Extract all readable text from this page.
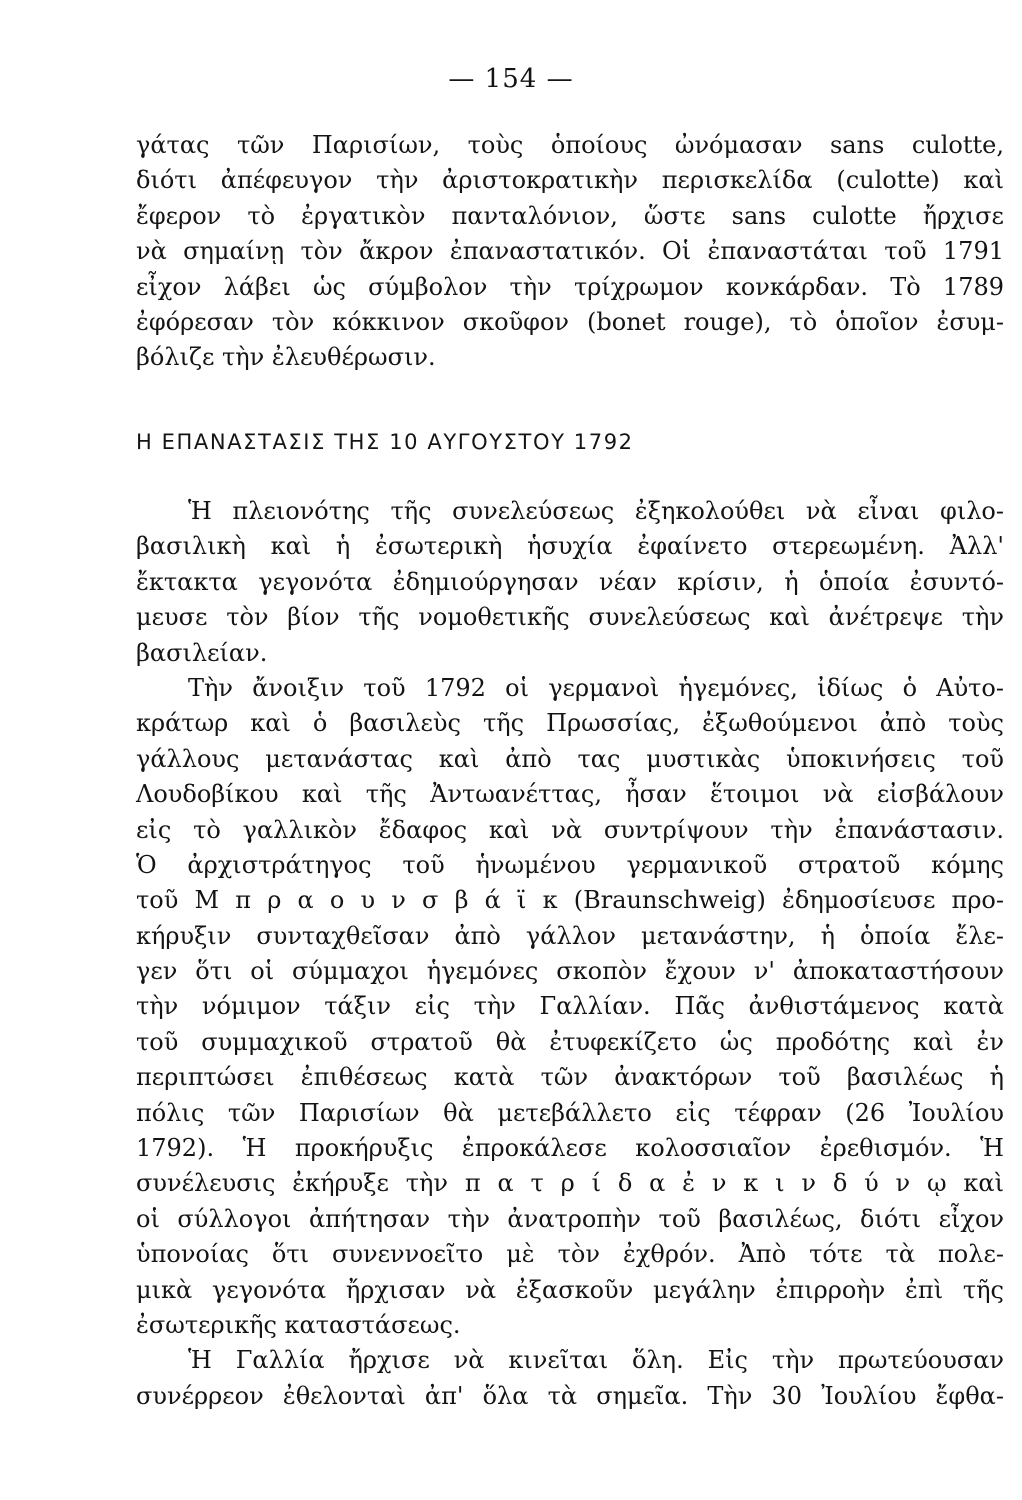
— 154 —
γάτας τῶν Παρισίων, τοὺς ὁποίους ὠνόμασαν sans culotte,
διότι ἀπέφευγον τὴν ἀριστοκρατικὴν περισκελίδα (culotte) καὶ
ἔφερον τὸ ἐργατικὸν πανταλόνιον, ὥστε sans culotte ἤρχισε
νὰ σημαίνῃ τὸν ἄκρον ἐπαναστατικόν. Οἱ ἐπαναστάται τοῦ 1791
εἶχον λάβει ὡς σύμβολον τὴν τρίχρωμον κονκάρδαν. Τὸ 1789
ἐφόρεσαν τὸν κόκκινον σκοῦφον (bonet rouge), τὸ ὁποῖον ἐσυμ-
βόλιζε τὴν ἐλευθέρωσιν.
Η ΕΠΑΝΑΣΤΑΣΙΣ ΤΗΣ 10 ΑΥΓΟΥΣΤΟΥ 1792
Ἡ πλειονότης τῆς συνελεύσεως ἐξηκολούθει νὰ εἶναι φιλο-
βασιλικὴ καὶ ἡ ἐσωτερικὴ ἡσυχία ἐφαίνετο στερεωμένη. Ἀλλ'
ἔκτακτα γεγονότα ἐδημιούργησαν νέαν κρίσιν, ἡ ὁποία ἐσυντό-
μευσε τὸν βίον τῆς νομοθετικῆς συνελεύσεως καὶ ἀνέτρεψε τὴν
βασιλείαν.
Τὴν ἄνοιξιν τοῦ 1792 οἱ γερμανοὶ ἡγεμόνες, ἰδίως ὁ Αὐτο-
κράτωρ καὶ ὁ βασιλεὺς τῆς Πρωσσίας, ἐξωθούμενοι ἀπὸ τοὺς
γάλλους μετανάστας καὶ ἀπὸ τας μυστικὰς ὑποκινήσεις τοῦ
Λουδοβίκου καὶ τῆς Ἀντωανέττας, ἦσαν ἕτοιμοι νὰ εἰσβάλουν
εἰς τὸ γαλλικὸν ἔδαφος καὶ νὰ συντρίψουν τὴν ἐπανάστασιν.
Ὁ ἀρχιστράτηγος τοῦ ἡνωμένου γερμανικοῦ στρατοῦ κόμης
τοῦ Μ π ρ α ο υ ν σ β ά ϊ κ (Braunschweig) ἐδημοσίευσε προ-
κήρυξιν συνταχθεῖσαν ἀπὸ γάλλον μετανάστην, ἡ ὁποία ἔλε-
γεν ὅτι οἱ σύμμαχοι ἡγεμόνες σκοπὸν ἔχουν ν' ἀποκαταστήσουν
τὴν νόμιμον τάξιν εἰς τὴν Γαλλίαν. Πᾶς ἀνθιστάμενος κατὰ
τοῦ συμμαχικοῦ στρατοῦ θὰ ἐτυφεκίζετο ὡς προδότης καὶ ἐν
περιπτώσει ἐπιθέσεως κατὰ τῶν ἀνακτόρων τοῦ βασιλέως ἡ
πόλις τῶν Παρισίων θὰ μετεβάλλετο εἰς τέφραν (26 Ἰουλίου
1792). Ἡ προκήρυξις ἐπροκάλεσε κολοσσιαῖον ἐρεθισμόν. Ἡ
συνέλευσις ἐκήρυξε τὴν π α τ ρ ί δ α ἐ ν κ ι ν δ ύ ν ῳ καὶ
οἱ σύλλογοι ἀπήτησαν τὴν ἀνατροπὴν τοῦ βασιλέως, διότι εἶχον
ὑπονοίας ὅτι συνεννοεῖτο μὲ τὸν ἐχθρόν. Ἀπὸ τότε τὰ πολε-
μικὰ γεγονότα ἤρχισαν νὰ ἐξασκοῦν μεγάλην ἐπιρροὴν ἐπὶ τῆς
ἐσωτερικῆς καταστάσεως.
Ἡ Γαλλία ἤρχισε νὰ κινεῖται ὅλη. Εἰς τὴν πρωτεύουσαν
συνέρρεον ἐθελονταὶ ἀπ' ὅλα τὰ σημεῖα. Τὴν 30 Ἰουλίου ἔφθα-
